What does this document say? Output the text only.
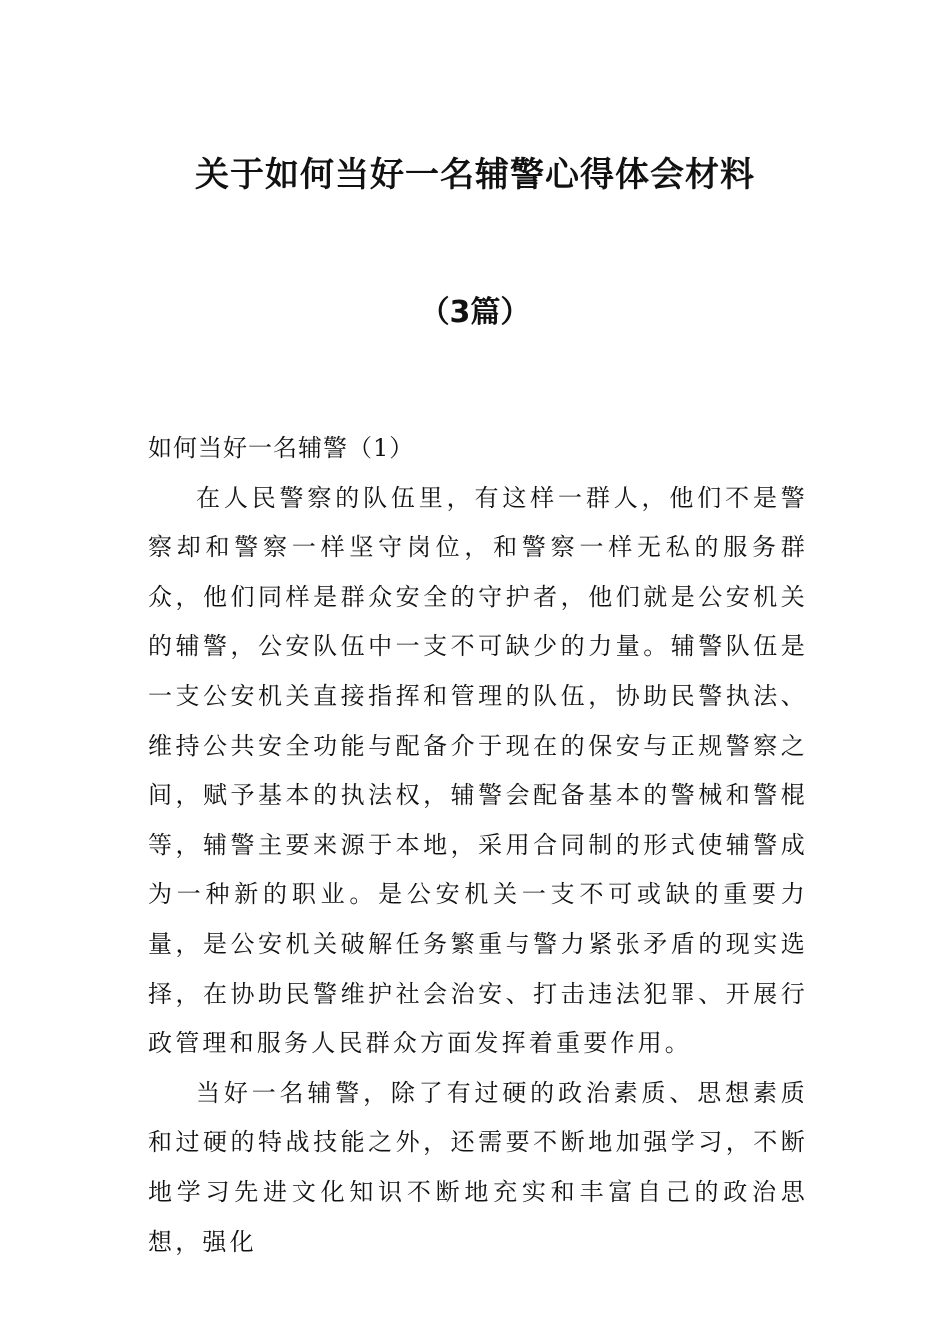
关于如何当好一名辅警心得体会材料
（3篇）

如何当好一名辅警（1）

在人民警察的队伍里，有这样一群人，他们不是警察却和警察一样坚守岗位，和警察一样无私的服务群众，他们同样是群众安全的守护者，他们就是公安机关的辅警，公安队伍中一支不可缺少的力量。辅警队伍是一支公安机关直接指挥和管理的队伍，协助民警执法、维持公共安全功能与配备介于现在的保安与正规警察之间，赋予基本的执法权，辅警会配备基本的警械和警棍等，辅警主要来源于本地，采用合同制的形式使辅警成为一种新的职业。是公安机关一支不可或缺的重要力量，是公安机关破解任务繁重与警力紧张矛盾的现实选择，在协助民警维护社会治安、打击违法犯罪、开展行政管理和服务人民群众方面发挥着重要作用。

当好一名辅警，除了有过硬的政治素质、思想素质和过硬的特战技能之外，还需要不断地加强学习，不断地学习先进文化知识不断地充实和丰富自己的政治思想，强化
